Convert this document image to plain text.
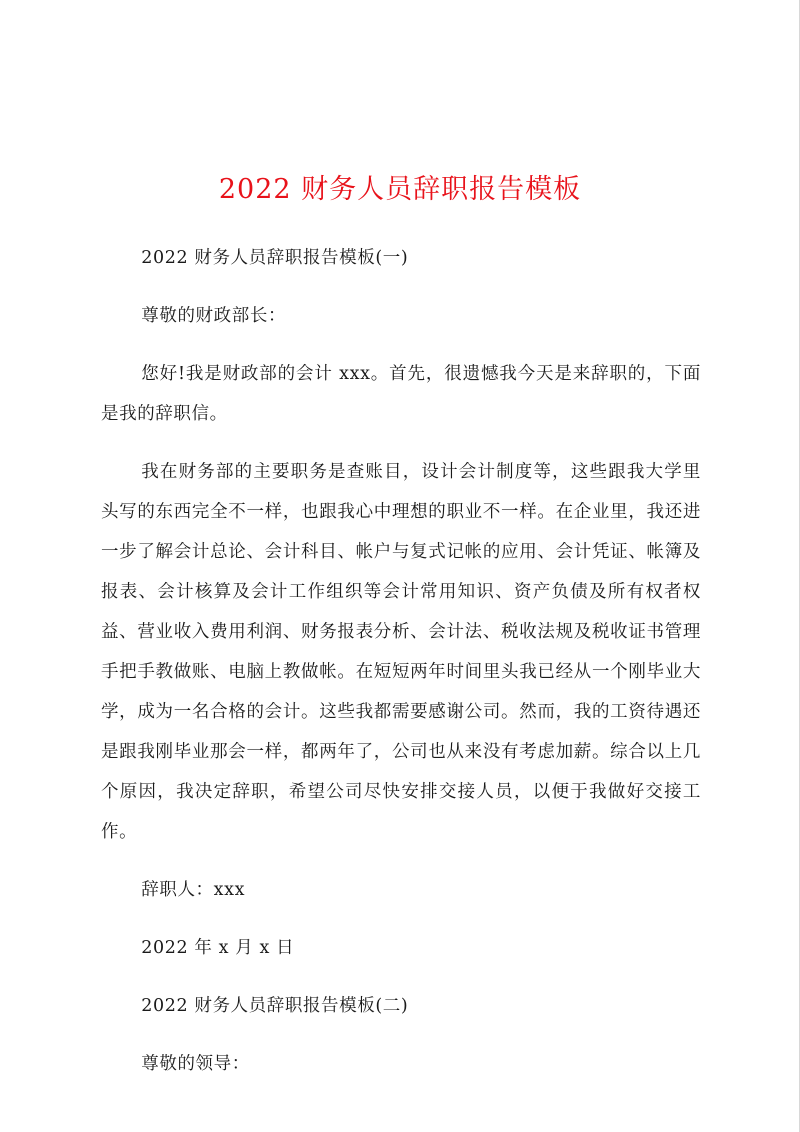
2022 财务人员辞职报告模板

2022 财务人员辞职报告模板(一)

尊敬的财政部长：

您好!我是财政部的会计 xxx。首先，很遗憾我今天是来辞职的，下面是我的辞职信。

我在财务部的主要职务是查账目，设计会计制度等，这些跟我大学里头写的东西完全不一样，也跟我心中理想的职业不一样。在企业里，我还进一步了解会计总论、会计科目、帐户与复式记帐的应用、会计凭证、帐簿及报表、会计核算及会计工作组织等会计常用知识、资产负债及所有权者权益、营业收入费用利润、财务报表分析、会计法、税收法规及税收证书管理手把手教做账、电脑上教做帐。在短短两年时间里头我已经从一个刚毕业大学，成为一名合格的会计。这些我都需要感谢公司。然而，我的工资待遇还是跟我刚毕业那会一样，都两年了，公司也从来没有考虑加薪。综合以上几个原因，我决定辞职，希望公司尽快安排交接人员，以便于我做好交接工作。

辞职人：xxx

2022 年 x 月 x 日

2022 财务人员辞职报告模板(二)

尊敬的领导：
